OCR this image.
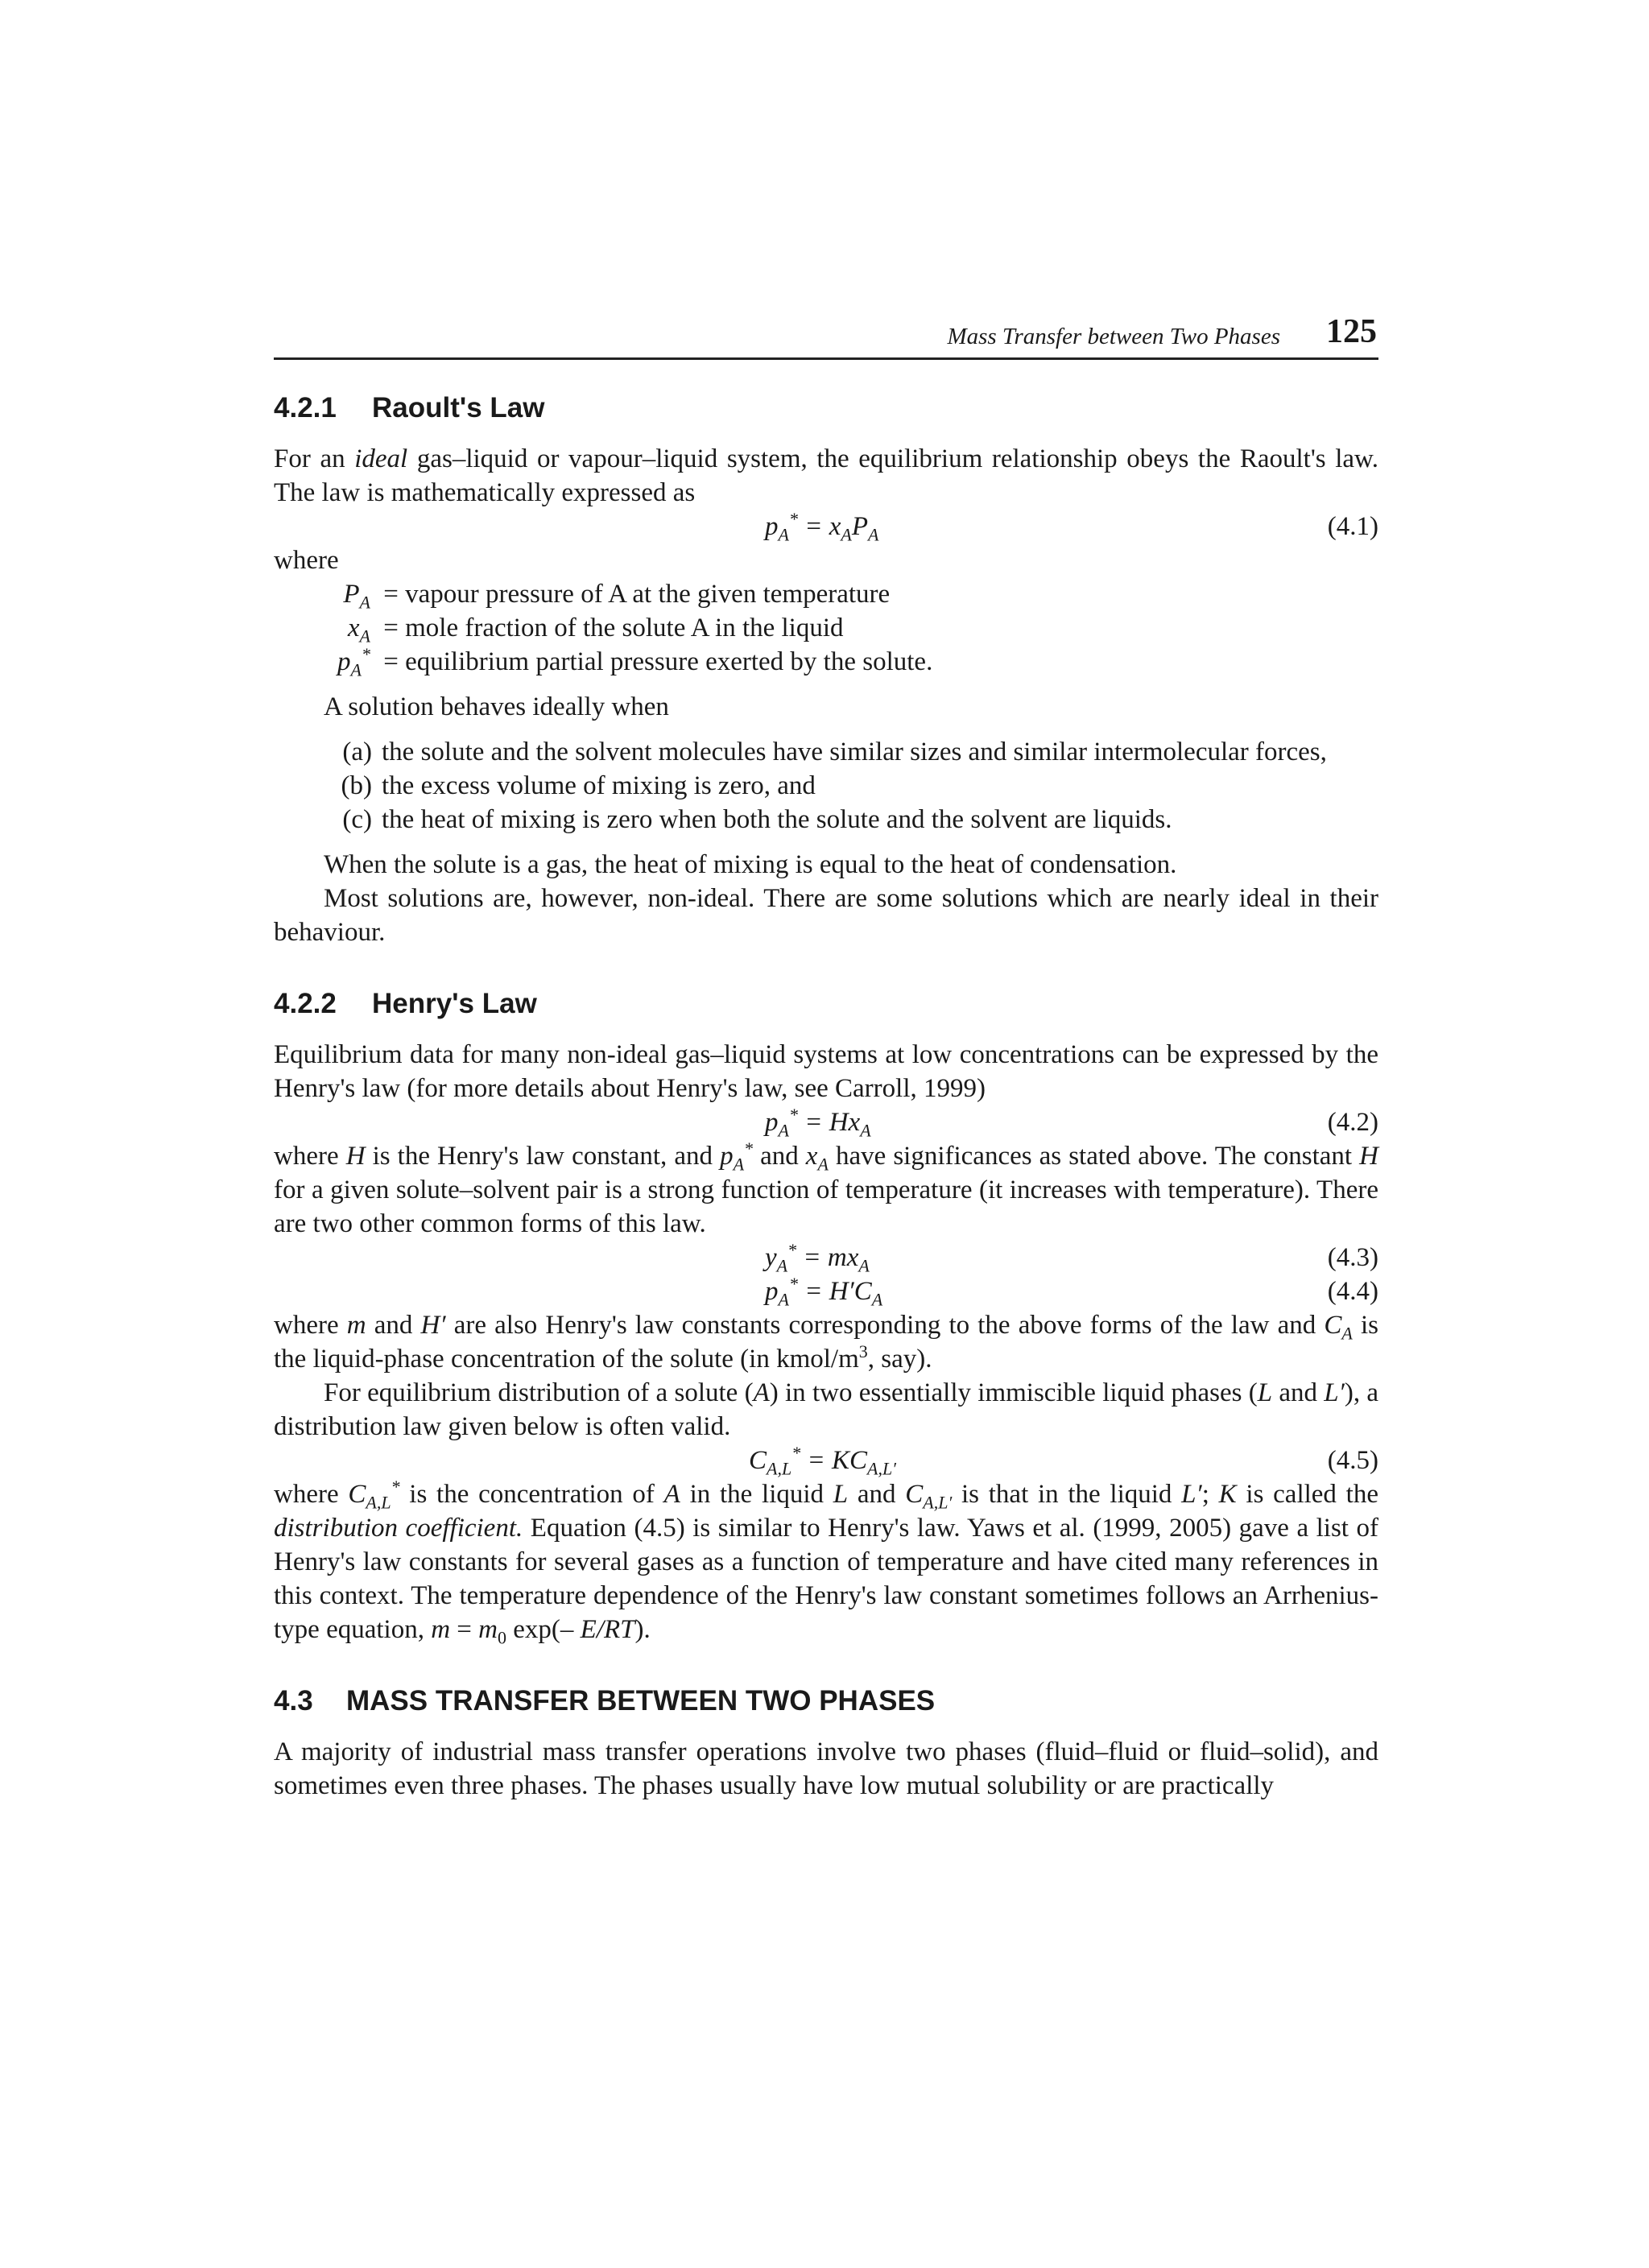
Mass Transfer between Two Phases 125
4.2.1 Raoult's Law

For an ideal gas–liquid or vapour–liquid system, the equilibrium relationship obeys the Raoult's law. The law is mathematically expressed as

$p_A^* = x_AP_A$	(4.1)
where
$P_A$ = vapour pressure of A at the given temperature
$x_A$ = mole fraction of the solute A in the liquid
$p_A^*$ = equilibrium partial pressure exerted by the solute.

A solution behaves ideally when

(a) the solute and the solvent molecules have similar sizes and similar intermolecular forces,
(b) the excess volume of mixing is zero, and
(c) the heat of mixing is zero when both the solute and the solvent are liquids.

When the solute is a gas, the heat of mixing is equal to the heat of condensation.

Most solutions are, however, non-ideal. There are some solutions which are nearly ideal in their behaviour.

4.2.2 Henry's Law

Equilibrium data for many non-ideal gas–liquid systems at low concentrations can be expressed by the Henry's law (for more details about Henry's law, see Carroll, 1999)

$p_A^* = Hx_A$	(4.2)

where H is the Henry's law constant, and $p_A^*$ and $x_A$ have significances as stated above. The constant H for a given solute–solvent pair is a strong function of temperature (it increases with temperature). There are two other common forms of this law.

$y_A^* = mx_A$	(4.3)
$p_A^* = H'C_A$	(4.4)

where m and H′ are also Henry's law constants corresponding to the above forms of the law and $C_A$ is the liquid-phase concentration of the solute (in kmol/$m^3$, say).

For equilibrium distribution of a solute (A) in two essentially immiscible liquid phases (L and L′), a distribution law given below is often valid.

$C_{A,L}^* = KC_{A,L'}$	(4.5)

where $C_{A,L}^*$ is the concentration of A in the liquid L and $C_{A,L'}$ is that in the liquid L′; K is called the distribution coefficient. Equation (4.5) is similar to Henry's law. Yaws et al. (1999, 2005) gave a list of Henry's law constants for several gases as a function of temperature and have cited many references in this context. The temperature dependence of the Henry's law constant sometimes follows an Arrhenius-type equation, $m = m_0$ exp(– E/RT).

4.3 MASS TRANSFER BETWEEN TWO PHASES

A majority of industrial mass transfer operations involve two phases (fluid–fluid or fluid–solid), and sometimes even three phases. The phases usually have low mutual solubility or are practically
